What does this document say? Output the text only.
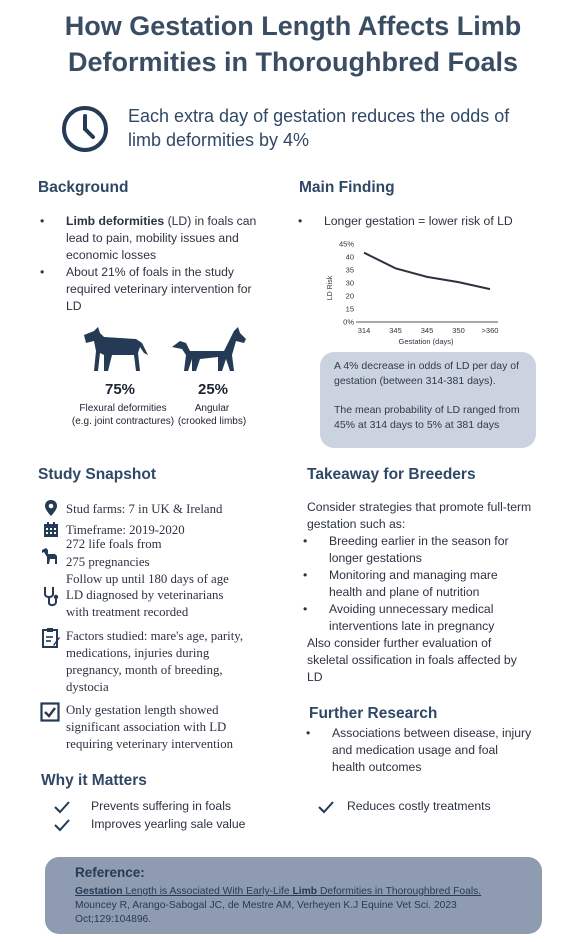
How Gestation Length Affects Limb Deformities in Thoroughbred Foals
Each extra day of gestation reduces the odds of limb deformities by 4%
Background
• Limb deformities (LD) in foals can lead to pain, mobility issues and economic losses
• About 21% of foals in the study required veterinary intervention for LD
75%	25%
Flexural deformities
(e.g. joint contractures)
Angular
(crooked limbs)
Main Finding
• Longer gestation = lower risk of LD
0%
15
20
30
35
40
45%
314	345	345	350 >360
LD Risk
Gestation (days)
A 4% decrease in odds of LD per day of gestation (between 314-381 days).
The mean probability of LD ranged from 45% at 314 days to 5% at 381 days
Study Snapshot
Stud farms: 7 in UK & Ireland
Timeframe: 2019-2020
272 life foals from
275 pregnancies
Follow up until 180 days of age
LD diagnosed by veterinarians
with treatment recorded
Factors studied: mare's age, parity, medications, injuries during pregnancy, month of breeding, dystocia
Only gestation length showed significant association with LD requiring veterinary intervention
Takeaway for Breeders
Consider strategies that promote full-term gestation such as:
• Breeding earlier in the season for longer gestations
• Monitoring and managing mare health and plane of nutrition
• Avoiding unnecessary medical interventions late in pregnancy
Also consider further evaluation of skeletal ossification in foals affected by LD
Further Research
• Associations between disease, injury and medication usage and foal health outcomes
Why it Matters
Prevents suffering in foals
Improves yearling sale value
Reduces costly treatments
Reference:
Gestation Length is Associated With Early-Life Limb Deformities in Thoroughbred Foals.
Mouncey R, Arango-Sabogal JC, de Mestre AM, Verheyen K.J Equine Vet Sci. 2023 Oct;129:104896.
